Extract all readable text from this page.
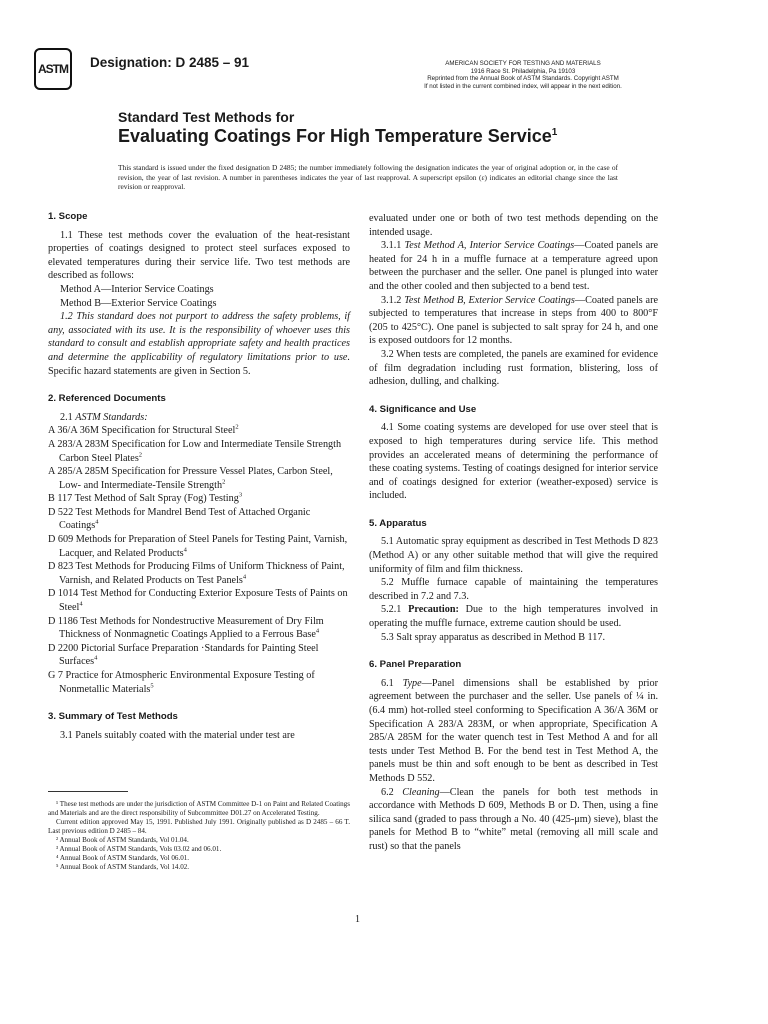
ASTM Designation: D 2485 – 91	AMERICAN SOCIETY FOR TESTING AND MATERIALS
1916 Race St. Philadelphia, Pa 19103
Reprinted from the Annual Book of ASTM Standards. Copyright ASTM
If not listed in the current combined index, will appear in the next edition.
Standard Test Methods for
Evaluating Coatings For High Temperature Service$^1$

This standard is issued under the fixed designation D 2485; the number immediately following the designation indicates the year of original adoption or, in the case of revision, the year of last revision. A number in parentheses indicates the year of last reapproval. A superscript epsilon (ε) indicates an editorial change since the last revision or reapproval.

1. Scope

1.1 These test methods cover the evaluation of the heat-resistant properties of coatings designed to protect steel surfaces exposed to elevated temperatures during their service life. Two test methods are described as follows:

Method A—Interior Service Coatings

Method B—Exterior Service Coatings

1.2 This standard does not purport to address the safety problems, if any, associated with its use. It is the responsibility of whoever uses this standard to consult and establish appropriate safety and health practices and determine the applicability of regulatory limitations prior to use. Specific hazard statements are given in Section 5.

2. Referenced Documents

2.1 ASTM Standards:

A 36/A 36M Specification for Structural Steel$^2$

A 283/A 283M Specification for Low and Intermediate Tensile Strength Carbon Steel Plates$^2$

A 285/A 285M Specification for Pressure Vessel Plates, Carbon Steel, Low- and Intermediate-Tensile Strength$^2$

B 117 Test Method of Salt Spray (Fog) Testing$^3$

D 522 Test Methods for Mandrel Bend Test of Attached Organic Coatings$^4$

D 609 Methods for Preparation of Steel Panels for Testing Paint, Varnish, Lacquer, and Related Products$^4$

D 823 Test Methods for Producing Films of Uniform Thickness of Paint, Varnish, and Related Products on Test Panels$^4$

D 1014 Test Method for Conducting Exterior Exposure Tests of Paints on Steel$^4$

D 1186 Test Methods for Nondestructive Measurement of Dry Film Thickness of Nonmagnetic Coatings Applied to a Ferrous Base$^4$

D 2200 Pictorial Surface Preparation ·Standards for Painting Steel Surfaces$^4$

G 7 Practice for Atmospheric Environmental Exposure Testing of Nonmetallic Materials$^5$

3. Summary of Test Methods

3.1 Panels suitably coated with the material under test are

¹ These test methods are under the jurisdiction of ASTM Committee D-1 on Paint and Related Coatings and Materials and are the direct responsibility of Subcommittee D01.27 on Accelerated Testing.

Current edition approved May 15, 1991. Published July 1991. Originally published as D 2485 – 66 T. Last previous edition D 2485 – 84.

² Annual Book of ASTM Standards, Vol 01.04.

³ Annual Book of ASTM Standards, Vols 03.02 and 06.01.

⁴ Annual Book of ASTM Standards, Vol 06.01.

⁵ Annual Book of ASTM Standards, Vol 14.02.

evaluated under one or both of two test methods depending on the intended usage.

3.1.1 Test Method A, Interior Service Coatings—Coated panels are heated for 24 h in a muffle furnace at a temperature agreed upon between the purchaser and the seller. One panel is plunged into water and the other cooled and then subjected to a bend test.

3.1.2 Test Method B, Exterior Service Coatings—Coated panels are subjected to temperatures that increase in steps from 400 to 800°F (205 to 425°C). One panel is subjected to salt spray for 24 h, and one is exposed outdoors for 12 months.

3.2 When tests are completed, the panels are examined for evidence of film degradation including rust formation, blistering, loss of adhesion, dulling, and chalking.

4. Significance and Use

4.1 Some coating systems are developed for use over steel that is exposed to high temperatures during service life. This method provides an accelerated means of determining the performance of these coating systems. Testing of coatings designed for interior service and of coatings designed for exterior (weather-exposed) service is included.

5. Apparatus

5.1 Automatic spray equipment as described in Test Methods D 823 (Method A) or any other suitable method that will give the required uniformity of film and film thickness.

5.2 Muffle furnace capable of maintaining the temperatures described in 7.2 and 7.3.

5.2.1 Precaution: Due to the high temperatures involved in operating the muffle furnace, extreme caution should be used.

5.3 Salt spray apparatus as described in Method B 117.

6. Panel Preparation

6.1 Type—Panel dimensions shall be established by prior agreement between the purchaser and the seller. Use panels of ¼ in. (6.4 mm) hot-rolled steel conforming to Specification A 36/A 36M or Specification A 283/A 283M, or when appropriate, Specification A 285/A 285M for the water quench test in Test Method A and for all tests under Test Method B. For the bend test in Test Method A, the panels must be thin and soft enough to be bent as described in Test Methods D 552.

6.2 Cleaning—Clean the panels for both test methods in accordance with Methods D 609, Methods B or D. Then, using a fine silica sand (graded to pass through a No. 40 (425-μm) sieve), blast the panels for Method B to “white” metal (removing all mill scale and rust) so that the panels

1
